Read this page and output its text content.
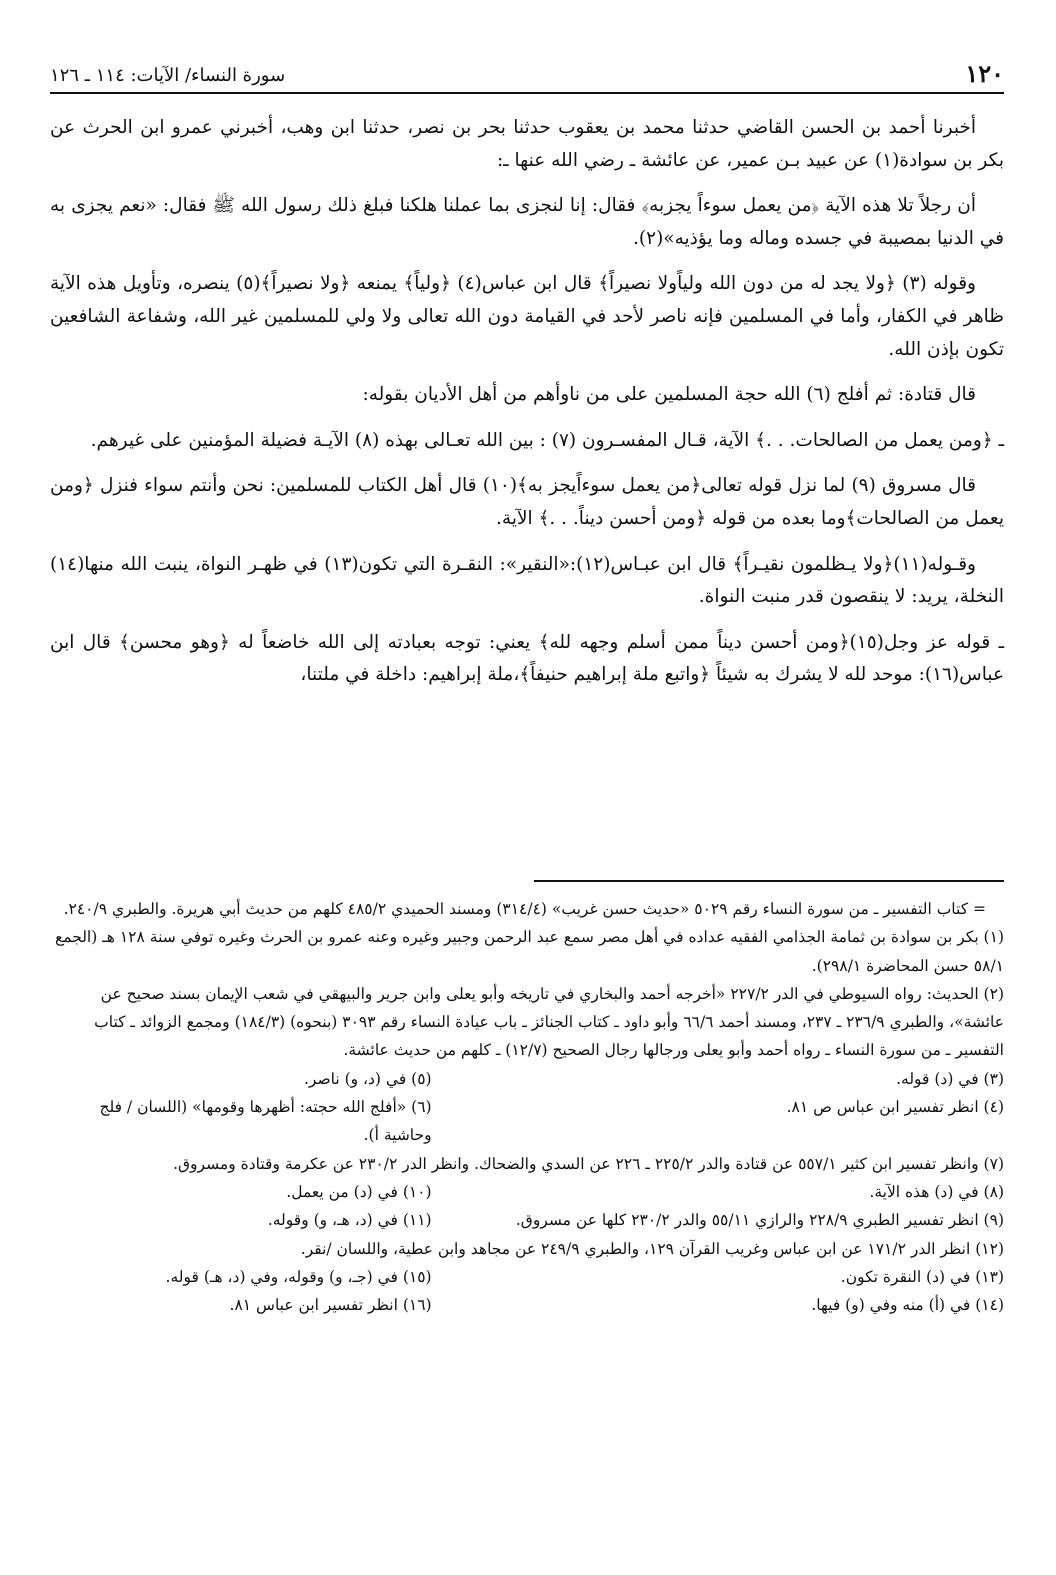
١٢٠
سورة النساء/ الآيات: ١١٤ ـ ١٢٦

أخبرنا أحمد بن الحسن القاضي حدثنا محمد بن يعقوب حدثنا بحر بن نصر، حدثنا ابن وهب، أخبرني عمرو ابن الحرث عن بكر بن سوادة(١) عن عبيد بـن عمير، عن عائشة ـ رضي الله عنها ـ:

أن رجلاً تلا هذه الآية ﴿من يعمل سوءاً يجزبه﴾ فقال: إنا لنجزى بما عملنا هلكنا فبلغ ذلك رسول الله ﷺ فقال: «نعم يجزى به في الدنيا بمصيبة في جسده وماله وما يؤذيه»(٢).

وقوله (٣) ﴿ولا يجد له من دون الله ولياًولا نصيراً﴾ قال ابن عباس(٤) ﴿ولياً﴾ يمنعه ﴿ولا نصيراً﴾(٥) ينصره، وتأويل هذه الآية ظاهر في الكفار، وأما في المسلمين فإنه ناصر لأحد في القيامة دون الله تعالى ولا ولي للمسلمين غير الله، وشفاعة الشافعين تكون بإذن الله.

قال قتادة: ثم أفلج (٦) الله حجة المسلمين على من ناوأهم من أهل الأديان بقوله:

ـ ﴿ومن يعمل من الصالحات. . .﴾ الآية، قـال المفسـرون (٧) : بين الله تعـالى بهذه (٨) الآيـة فضيلة المؤمنين على غيرهم.

قال مسروق (٩) لما نزل قوله تعالى﴿من يعمل سوءاًيجز به﴾(١٠) قال أهل الكتاب للمسلمين: نحن وأنتم سواء فنزل ﴿ومن يعمل من الصالحات﴾وما بعده من قوله ﴿ومن أحسن ديناً. . .﴾ الآية.

وقـوله(١١)﴿ولا يـظلمون نقيـراً﴾ قال ابن عبـاس(١٢):«النقير»: النقـرة التي تكون(١٣) في ظهـر النواة، ينبت الله منها(١٤) النخلة، يريد: لا ينقصون قدر منبت النواة.

ـ قوله عز وجل(١٥)﴿ومن أحسن ديناً ممن أسلم وجهه لله﴾ يعني: توجه بعبادته إلى الله خاضعاً له ﴿وهو محسن﴾ قال ابن عباس(١٦): موحد لله لا يشرك به شيئاً ﴿واتبع ملة إبراهيم حنيفاً﴾،ملة إبراهيم: داخلة في ملتنا،

= كتاب التفسير ـ من سورة النساء رقم ٥٠٢٩ «حديث حسن غريب» (٣١٤/٤) ومسند الحميدي ٤٨٥/٢ كلهم من حديث أبي هريرة. والطبري ٢٤٠/٩.

(١) بكر بن سوادة بن ثمامة الجذامي الفقيه عداده في أهل مصر سمع عبد الرحمن وجبير وغيره وعنه عمرو بن الحرث وغيره توفي سنة ١٢٨ هـ (الجمع ٥٨/١ حسن المحاضرة ٢٩٨/١).

(٢) الحديث: رواه السيوطي في الدر ٢٢٧/٢ «أخرجه أحمد والبخاري في تاريخه وأبو يعلى وابن جرير والبيهقي في شعب الإيمان بسند صحيح عن عائشة»، والطبري ٢٣٦/٩ ـ ٢٣٧، ومسند أحمد ٦٦/٦ وأبو داود ـ كتاب الجنائز ـ باب عيادة النساء رقم ٣٠٩٣ (بنحوه) (١٨٤/٣) ومجمع الزوائد ـ كتاب التفسير ـ من سورة النساء ـ رواه أحمد وأبو يعلى ورجالها رجال الصحيح (١٢/٧) ـ كلهم من حديث عائشة.

(٣) في (د) قوله.

(٥) في (د، و) ناصر.

(٤) انظر تفسير ابن عباس ص ٨١.

(٦) «أفلج الله حجته: أظهرها وقومها» (اللسان / فلج وحاشية أ).

(٧) وانظر تفسير ابن كثير ٥٥٧/١ عن قتادة والدر ٢٢٥/٢ ـ ٢٢٦ عن السدي والضحاك. وانظر الدر ٢٣٠/٢ عن عكرمة وقتادة ومسروق.

(٨) في (د) هذه الآية.

(١٠) في (د) من يعمل.

(٩) انظر تفسير الطبري ٢٢٨/٩ والرازي ٥٥/١١ والدر ٢٣٠/٢ كلها عن مسروق.

(١١) في (د، هـ، و) وقوله.

(١٢) انظر الدر ١٧١/٢ عن ابن عباس وغريب القرآن ١٢٩، والطبري ٢٤٩/٩ عن مجاهد وابن عطية، واللسان /نقر.

(١٣) في (د) النقرة تكون.

(١٥) في (جـ، و) وقوله، وفي (د، هـ) قوله.

(١٤) في (أ) منه وفي (و) فيها.

(١٦) انظر تفسير ابن عباس ٨١.
